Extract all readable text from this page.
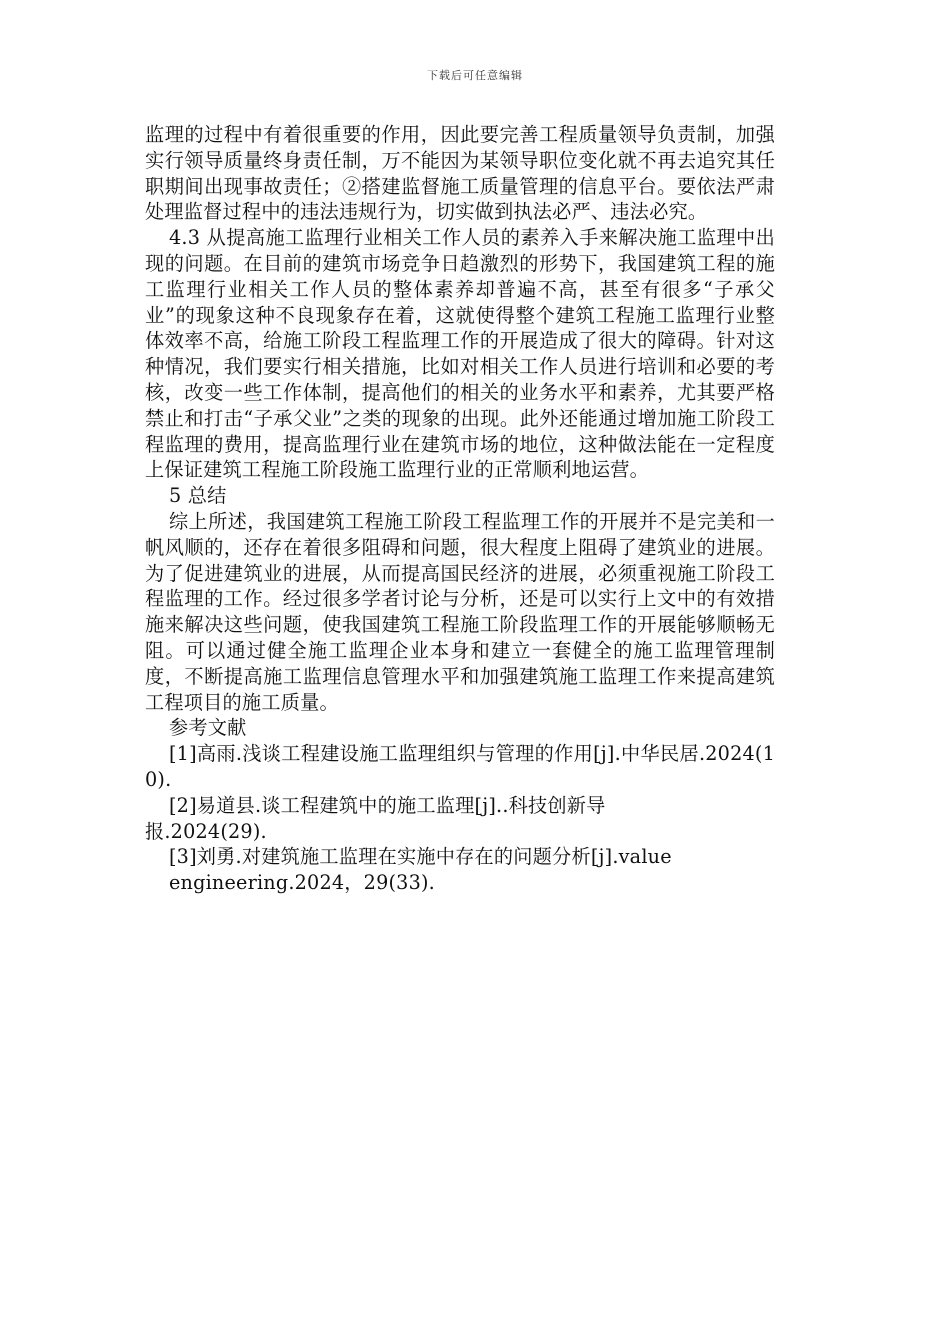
下载后可任意编辑

监理的过程中有着很重要的作用，因此要完善工程质量领导负责制，加强实行领导质量终身责任制，万不能因为某领导职位变化就不再去追究其任职期间出现事故责任；②搭建监督施工质量管理的信息平台。要依法严肃处理监督过程中的违法违规行为，切实做到执法必严、违法必究。

4.3 从提高施工监理行业相关工作人员的素养入手来解决施工监理中出现的问题。在目前的建筑市场竞争日趋激烈的形势下，我国建筑工程的施工监理行业相关工作人员的整体素养却普遍不高，甚至有很多“子承父业”的现象这种不良现象存在着，这就使得整个建筑工程施工监理行业整体效率不高，给施工阶段工程监理工作的开展造成了很大的障碍。针对这种情况，我们要实行相关措施，比如对相关工作人员进行培训和必要的考核，改变一些工作体制，提高他们的相关的业务水平和素养，尤其要严格禁止和打击“子承父业”之类的现象的出现。此外还能通过增加施工阶段工程监理的费用，提高监理行业在建筑市场的地位，这种做法能在一定程度上保证建筑工程施工阶段施工监理行业的正常顺利地运营。

5 总结

综上所述，我国建筑工程施工阶段工程监理工作的开展并不是完美和一帆风顺的，还存在着很多阻碍和问题，很大程度上阻碍了建筑业的进展。为了促进建筑业的进展，从而提高国民经济的进展，必须重视施工阶段工程监理的工作。经过很多学者讨论与分析，还是可以实行上文中的有效措施来解决这些问题，使我国建筑工程施工阶段监理工作的开展能够顺畅无阻。可以通过健全施工监理企业本身和建立一套健全的施工监理管理制度，不断提高施工监理信息管理水平和加强建筑施工监理工作来提高建筑工程项目的施工质量。

参考文献

[1]高雨.浅谈工程建设施工监理组织与管理的作用[j].中华民居.2024(10).

[2]易道县.谈工程建筑中的施工监理[j]..科技创新导

报.2024(29).

[3]刘勇.对建筑施工监理在实施中存在的问题分析[j].value

engineering.2024，29(33).
